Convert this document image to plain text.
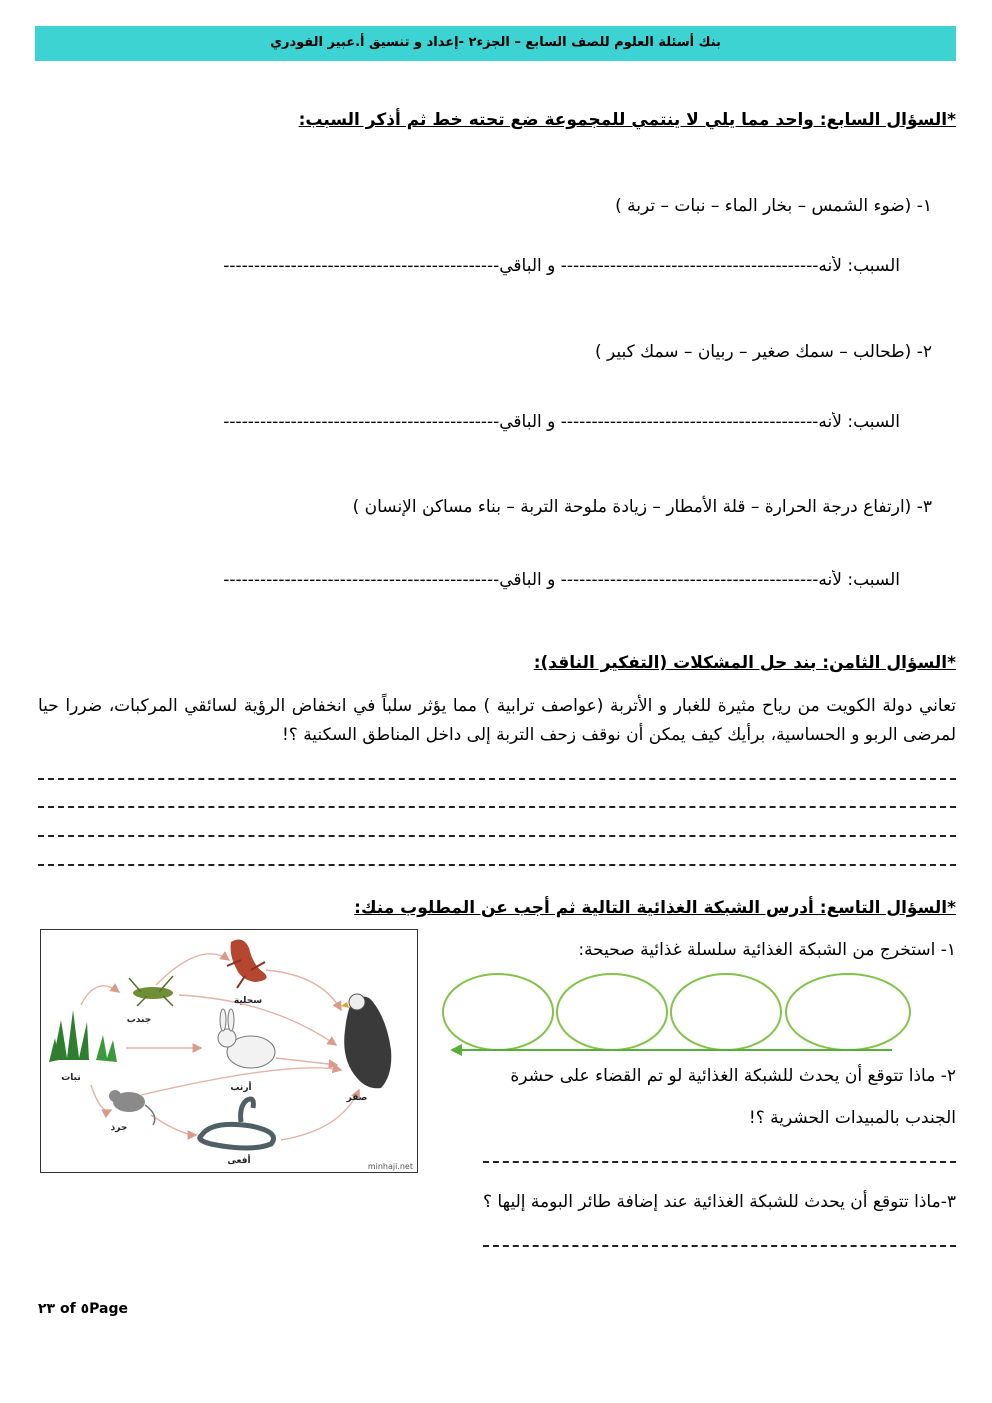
بنك أسئلة العلوم للصف السابع – الجزء٢ -إعداد و تنسيق أ.عبير الفودري
*السؤال السابع: واحد مما يلي لا ينتمي للمجموعة ضع تحته خط ثم أذكر السبب:
١- (ضوء الشمس – بخار الماء – نبات – تربة )
السبب: لأنه------------------------------------------ و الباقي---------------------------------------------
٢- (طحالب – سمك صغير – ربيان – سمك كبير )
السبب: لأنه------------------------------------------ و الباقي---------------------------------------------
٣- (ارتفاع درجة الحرارة – قلة الأمطار – زيادة ملوحة التربة – بناء مساكن الإنسان )
السبب: لأنه------------------------------------------ و الباقي---------------------------------------------
*السؤال الثامن: بند حل المشكلات (التفكير الناقد):
تعاني دولة الكويت من رياح مثيرة للغبار و الأتربة (عواصف ترابية ) مما يؤثر سلباً في انخفاض الرؤية لسائقي المركبات، ضررا حيا لمرضى الربو و الحساسية، برأيك كيف يمكن أن نوقف زحف التربة إلى داخل المناطق السكنية ؟!
*السؤال التاسع: أدرس الشبكة الغذائية التالية ثم أجب عن المطلوب منك:
نبات
جندب
سحلية
أرنب
صقر
جرذ
أفعى
minhaji.net
١- استخرج من الشبكة الغذائية سلسلة غذائية صحيحة:
٢- ماذا تتوقع أن يحدث للشبكة الغذائية لو تم القضاء على حشرة
الجندب بالمبيدات الحشرية ؟!
٣-ماذا تتوقع أن يحدث للشبكة الغذائية عند إضافة طائر البومة إليها ؟
٢٣ of ٥Page
